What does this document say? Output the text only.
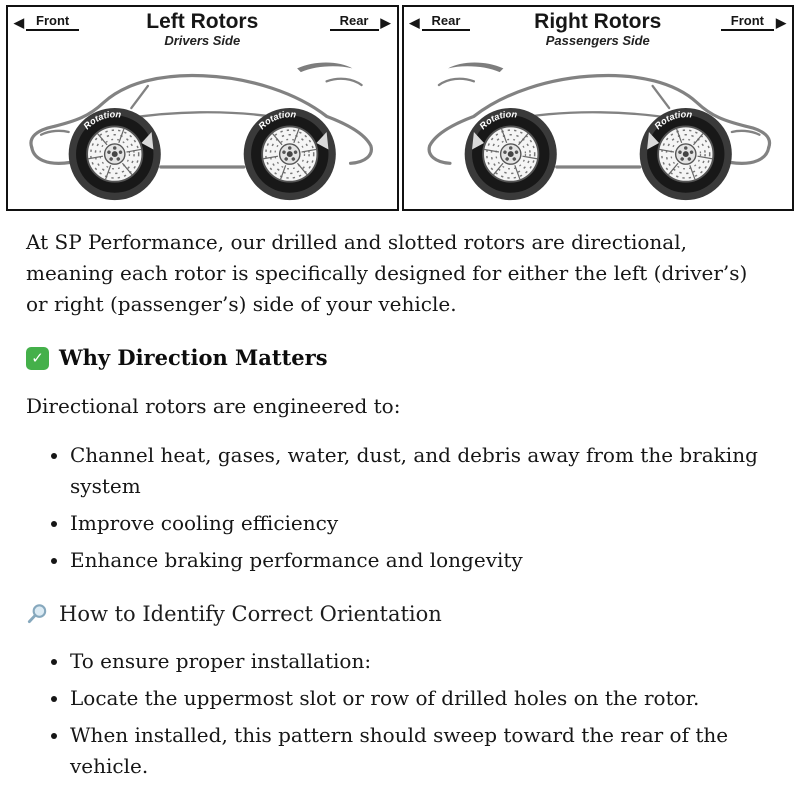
◀ Front	Left Rotors
Drivers Side
Rear ▶ ◀ Rear	Right Rotors
Passengers Side
Front ▶

At SP Performance, our drilled and slotted rotors are directional, meaning each rotor is specifically designed for either the left (driver’s) or right (passenger’s) side of your vehicle.

✓ Why Direction Matters

Directional rotors are engineered to:

• Channel heat, gases, water, dust, and debris away from the braking system
• Improve cooling efficiency
• Enhance braking performance and longevity
How to Identify Correct Orientation
• To ensure proper installation:
• Locate the uppermost slot or row of drilled holes on the rotor.
• When installed, this pattern should sweep toward the rear of the vehicle.
